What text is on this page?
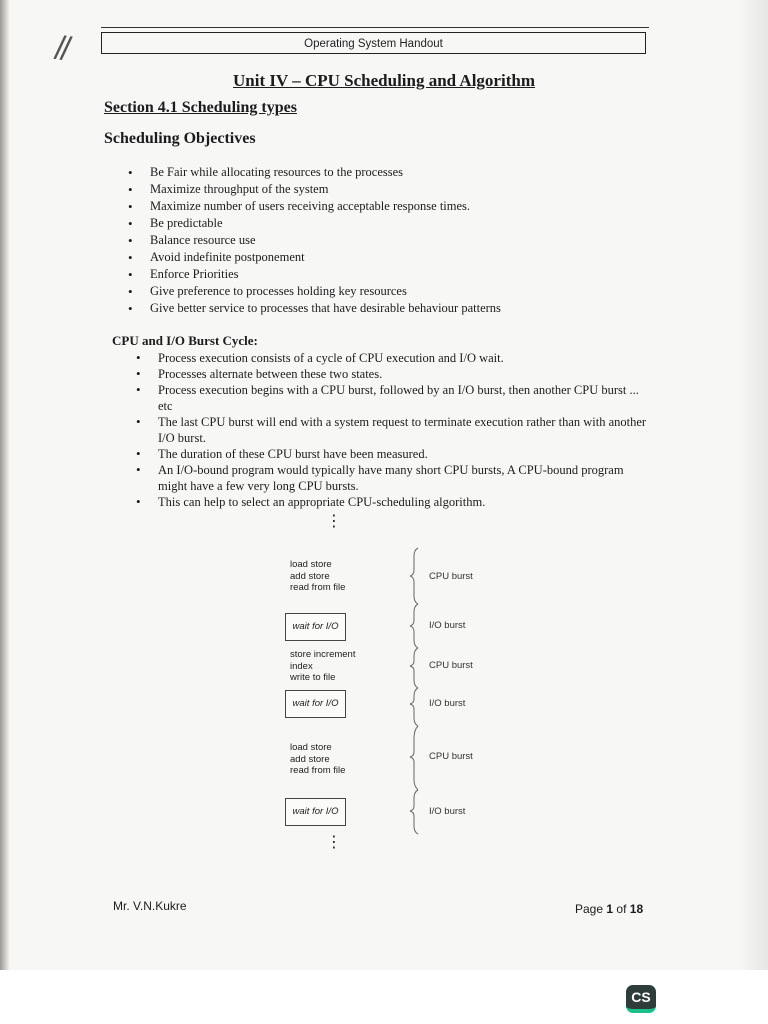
//	Operating System Handout
Unit IV – CPU Scheduling and Algorithm
Section 4.1 Scheduling types
Scheduling Objectives
• Be Fair while allocating resources to the processes
• Maximize throughput of the system
• Maximize number of users receiving acceptable response times.
• Be predictable
• Balance resource use
• Avoid indefinite postponement
• Enforce Priorities
• Give preference to processes holding key resources
• Give better service to processes that have desirable behaviour patterns
CPU and I/O Burst Cycle:
• Process execution consists of a cycle of CPU execution and I/O wait.
• Processes alternate between these two states.
• Process execution begins with a CPU burst, followed by an I/O burst, then another CPU burst ... etc
• The last CPU burst will end with a system request to terminate execution rather than with another I/O burst.
• The duration of these CPU burst have been measured.
• An I/O-bound program would typically have many short CPU bursts, A CPU-bound program might have a few very long CPU bursts.
• This can help to select an appropriate CPU-scheduling algorithm.
⋮
load store
add store
read from file
wait for I/O
store increment
index
write to file
wait for I/O
load store
add store
read from file
wait for I/O
⋮
CPU burst
I/O burst
CPU burst
I/O burst
CPU burst
I/O burst
Mr. V.N.Kukre	Page 1 of 18
CS
